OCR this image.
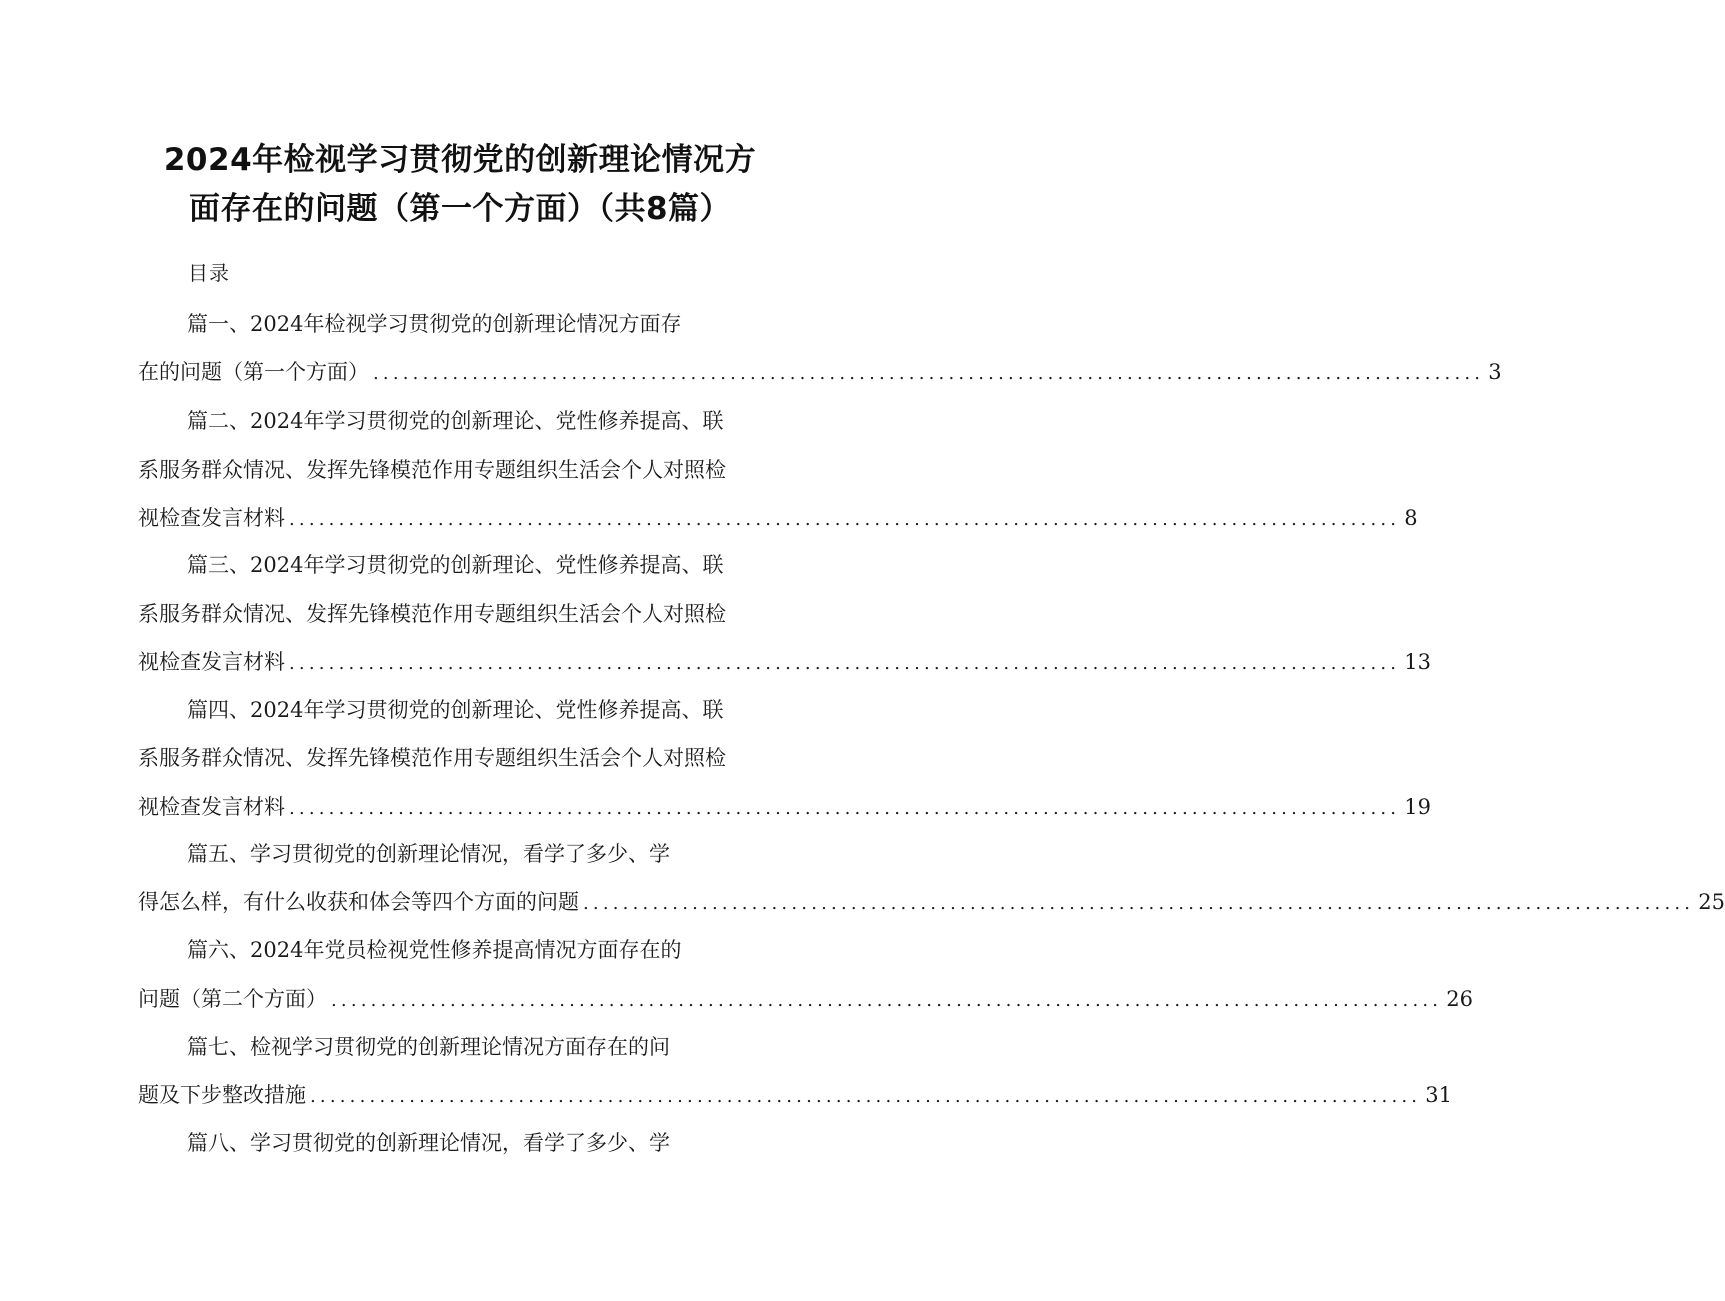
2024年检视学习贯彻党的创新理论情况方
面存在的问题（第一个方面）（共8篇）
目录
篇一、2024年检视学习贯彻党的创新理论情况方面存
在的问题（第一个方面） ................................................................................................................ 3
篇二、2024年学习贯彻党的创新理论、党性修养提高、联
系服务群众情况、发挥先锋模范作用专题组织生活会个人对照检
视检查发言材料 ................................................................................................................ 8
篇三、2024年学习贯彻党的创新理论、党性修养提高、联
系服务群众情况、发挥先锋模范作用专题组织生活会个人对照检
视检查发言材料 ................................................................................................................ 13
篇四、2024年学习贯彻党的创新理论、党性修养提高、联
系服务群众情况、发挥先锋模范作用专题组织生活会个人对照检
视检查发言材料 ................................................................................................................ 19
篇五、学习贯彻党的创新理论情况，看学了多少、学
得怎么样，有什么收获和体会等四个方面的问题 ................................................................................................................ 25
篇六、2024年党员检视党性修养提高情况方面存在的
问题（第二个方面） ................................................................................................................ 26
篇七、检视学习贯彻党的创新理论情况方面存在的问
题及下步整改措施 ................................................................................................................ 31
篇八、学习贯彻党的创新理论情况，看学了多少、学
